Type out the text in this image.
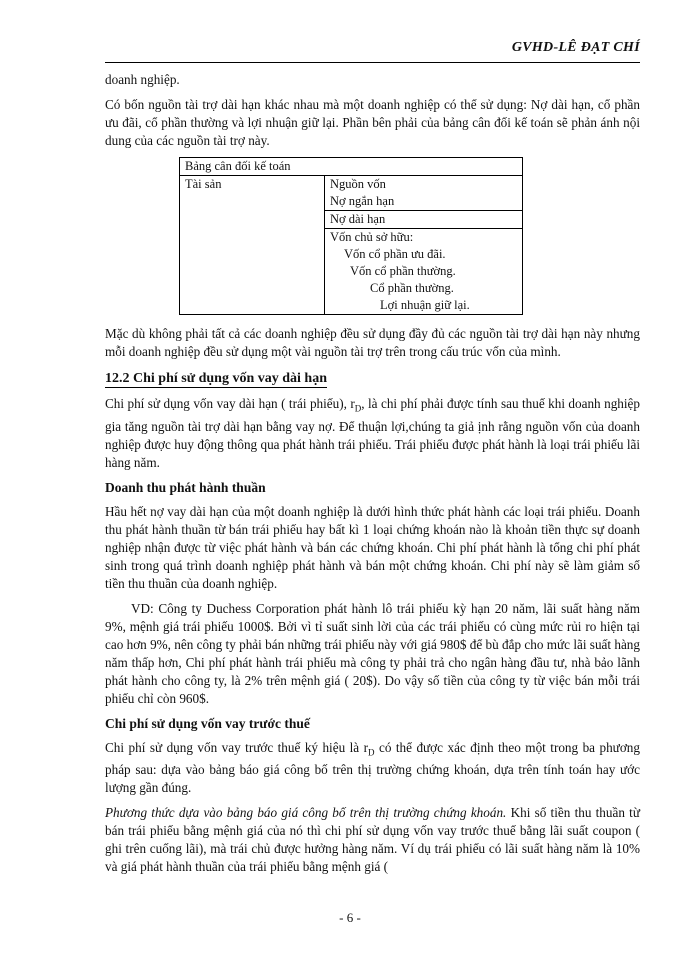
GVHD-LÊ ĐẠT CHÍ

doanh nghiệp.

Có bốn nguồn tài trợ dài hạn khác nhau mà một doanh nghiệp có thể sử dụng: Nợ dài hạn, cổ phần ưu đãi, cổ phần thường và lợi nhuận giữ lại. Phần bên phải của bảng cân đối kế toán sẽ phản ánh nội dung của các nguồn tài trợ này.

Bảng cân đối kế toán
Tài sản	Nguồn vốn
Nợ ngắn hạn

Nợ dài hạn

Vốn chủ sở hữu:
Vốn cổ phần ưu đãi.
Vốn cổ phần thường.
Cổ phần thường.
Lợi nhuận giữ lại.

Mặc dù không phải tất cả các doanh nghiệp đều sử dụng đầy đủ các nguồn tài trợ dài hạn này nhưng mỗi doanh nghiệp đều sử dụng một vài nguồn tài trợ trên trong cấu trúc vốn của mình.

12.2 Chi phí sử dụng vốn vay dài hạn

Chi phí sử dụng vốn vay dài hạn ( trái phiếu), $r_D$, là chi phí phải được tính sau thuế khi doanh nghiệp gia tăng nguồn tài trợ dài hạn bằng vay nợ. Để thuận lợi,chúng ta giả ịnh rằng nguồn vốn của doanh nghiệp được huy động thông qua phát hành trái phiếu. Trái phiếu được phát hành là loại trái phiếu lãi hàng năm.

Doanh thu phát hành thuần

Hầu hết nợ vay dài hạn của một doanh nghiệp là dưới hình thức phát hành các loại trái phiếu. Doanh thu phát hành thuần từ bán trái phiếu hay bất kì 1 loại chứng khoán nào là khoản tiền thực sự doanh nghiệp nhận được từ việc phát hành và bán các chứng khoán. Chi phí phát hành là tổng chi phí phát sinh trong quá trình doanh nghiệp phát hành và bán một chứng khoán. Chi phí này sẽ làm giảm số tiền thu thuần của doanh nghiệp.

VD: Công ty Duchess Corporation phát hành lô trái phiếu kỳ hạn 20 năm, lãi suất hàng năm 9%, mệnh giá trái phiếu 1000$. Bởi vì tỉ suất sinh lời của các trái phiếu có cùng mức rủi ro hiện tại cao hơn 9%, nên công ty phải bán những trái phiếu này với giá 980$ để bù đắp cho mức lãi suất hàng năm thấp hơn, Chi phí phát hành trái phiếu mà công ty phải trả cho ngân hàng đầu tư, nhà bảo lãnh phát hành cho công ty, là 2% trên mệnh giá ( 20$). Do vậy số tiền của công ty từ việc bán mỗi trái phiếu chỉ còn 960$.

Chi phí sử dụng vốn vay trước thuế

Chi phí sử dụng vốn vay trước thuế ký hiệu là $r_D$ có thể được xác định theo một trong ba phương pháp sau: dựa vào bảng báo giá công bố trên thị trường chứng khoán, dựa trên tính toán hay ước lượng gần đúng.

Phương thức dựa vào bảng báo giá công bố trên thị trường chứng khoán. Khi số tiền thu thuần từ bán trái phiếu bằng mệnh giá của nó thì chi phí sử dụng vốn vay trước thuế bằng lãi suất coupon ( ghi trên cuống lãi), mà trái chủ được hưởng hàng năm. Ví dụ trái phiếu có lãi suất hàng năm là 10% và giá phát hành thuần của trái phiếu bằng mệnh giá (

- 6 -
